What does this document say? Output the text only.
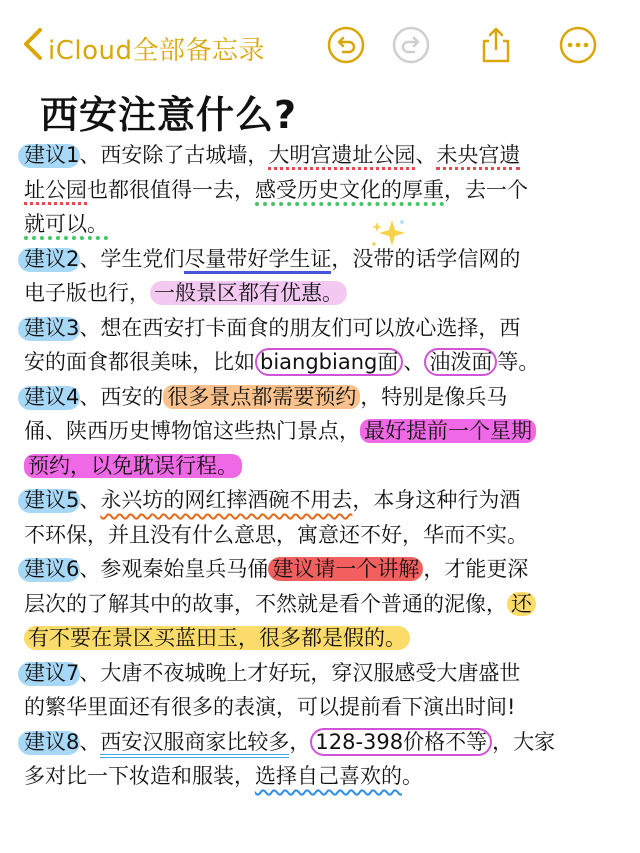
iCloud全部备忘录
西安注意什么?
建议1、西安除了古城墙，大明宫遗址公园、未央宫遗
址公园也都很值得一去，感受历史文化的厚重，去一个
就可以。
建议2、学生党们尽量带好学生证，没带的话学信网的
电子版也行， 一般景区都有优惠。
建议3、想在西安打卡面食的朋友们可以放心选择，西
安的面食都很美味，比如 biangbiang面 、 油泼面 等。
建议4、西安的 很多景点都需要预约 ，特别是像兵马
俑、陕西历史博物馆这些热门景点， 最好提前一个星期
预约，以免耽误行程。
建议5、永兴坊的网红摔酒碗不用去，本身这种行为酒
不环保，并且没有什么意思，寓意还不好，华而不实。
建议6、参观秦始皇兵马俑 建议请一个讲解 ，才能更深
层次的了解其中的故事，不然就是看个普通的泥像， 还
有不要在景区买蓝田玉，很多都是假的。
建议7、大唐不夜城晚上才好玩，穿汉服感受大唐盛世
的繁华里面还有很多的表演，可以提前看下演出时间!
建议8、西安汉服商家比较多， 128-398价格不等 ，大家
多对比一下妆造和服装，选择自己喜欢的。
